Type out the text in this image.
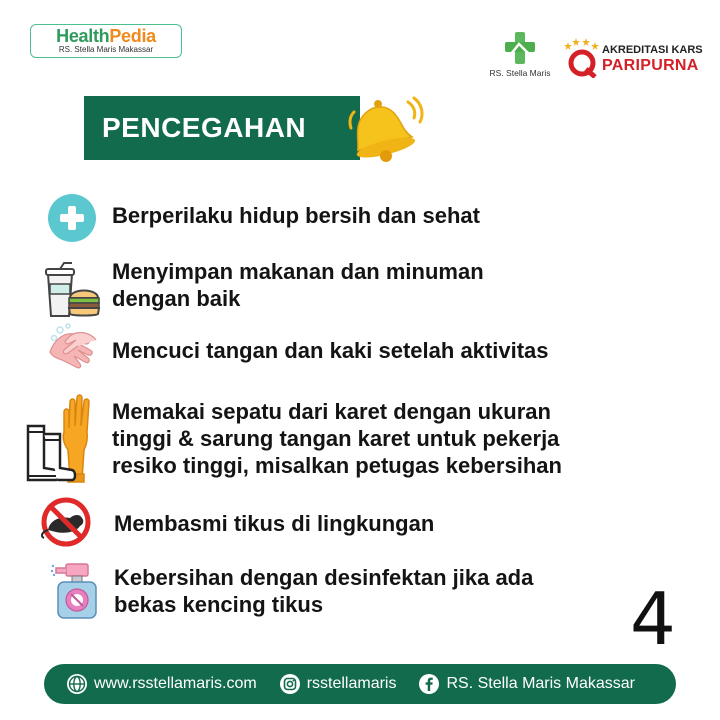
HealthPedia
RS. Stella Maris Makassar
RS. Stella Maris
AKREDITASI KARS
PARIPURNA
PENCEGAHAN
Berperilaku hidup bersih dan sehat
Menyimpan makanan dan minuman
dengan baik
Mencuci tangan dan kaki setelah aktivitas
Memakai sepatu dari karet dengan ukuran
tinggi & sarung tangan karet untuk pekerja
resiko tinggi, misalkan petugas kebersihan
Membasmi tikus di lingkungan
Kebersihan dengan desinfektan jika ada
bekas kencing tikus	4
www.rsstellamaris.com	rsstellamaris	RS. Stella Maris Makassar
